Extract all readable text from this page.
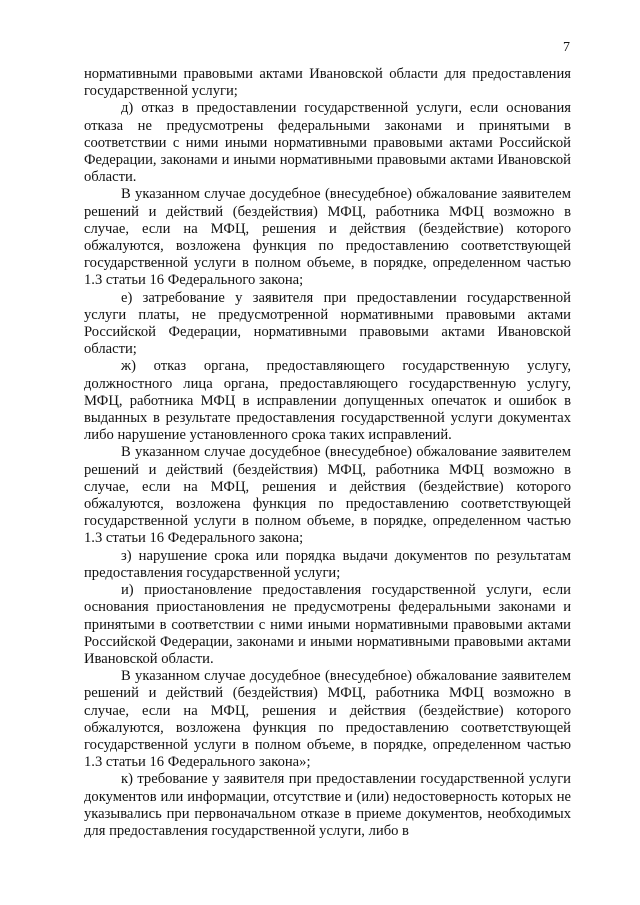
7

нормативными правовыми актами Ивановской области для предоставления государственной услуги;

д) отказ в предоставлении государственной услуги, если основания отказа не предусмотрены федеральными законами и принятыми в соответствии с ними иными нормативными правовыми актами Российской Федерации, законами и иными нормативными правовыми актами Ивановской области.

В указанном случае досудебное (внесудебное) обжалование заявителем решений и действий (бездействия) МФЦ, работника МФЦ возможно в случае, если на МФЦ, решения и действия (бездействие) которого обжалуются, возложена функция по предоставлению соответствующей государственной услуги в полном объеме, в порядке, определенном частью 1.3 статьи 16 Федерального закона;

е) затребование у заявителя при предоставлении государственной услуги платы, не предусмотренной нормативными правовыми актами Российской Федерации, нормативными правовыми актами Ивановской области;

ж) отказ органа, предоставляющего государственную услугу, должностного лица органа, предоставляющего государственную услугу, МФЦ, работника МФЦ в исправлении допущенных опечаток и ошибок в выданных в результате предоставления государственной услуги документах либо нарушение установленного срока таких исправлений.

В указанном случае досудебное (внесудебное) обжалование заявителем решений и действий (бездействия) МФЦ, работника МФЦ возможно в случае, если на МФЦ, решения и действия (бездействие) которого обжалуются, возложена функция по предоставлению соответствующей государственной услуги в полном объеме, в порядке, определенном частью 1.3 статьи 16 Федерального закона;

з) нарушение срока или порядка выдачи документов по результатам предоставления государственной услуги;

и) приостановление предоставления государственной услуги, если основания приостановления не предусмотрены федеральными законами и принятыми в соответствии с ними иными нормативными правовыми актами Российской Федерации, законами и иными нормативными правовыми актами Ивановской области.

В указанном случае досудебное (внесудебное) обжалование заявителем решений и действий (бездействия) МФЦ, работника МФЦ возможно в случае, если на МФЦ, решения и действия (бездействие) которого обжалуются, возложена функция по предоставлению соответствующей государственной услуги в полном объеме, в порядке, определенном частью 1.3 статьи 16 Федерального закона»;

к) требование у заявителя при предоставлении государственной услуги документов или информации, отсутствие и (или) недостоверность которых не указывались при первоначальном отказе в приеме документов, необходимых для предоставления государственной услуги, либо в
